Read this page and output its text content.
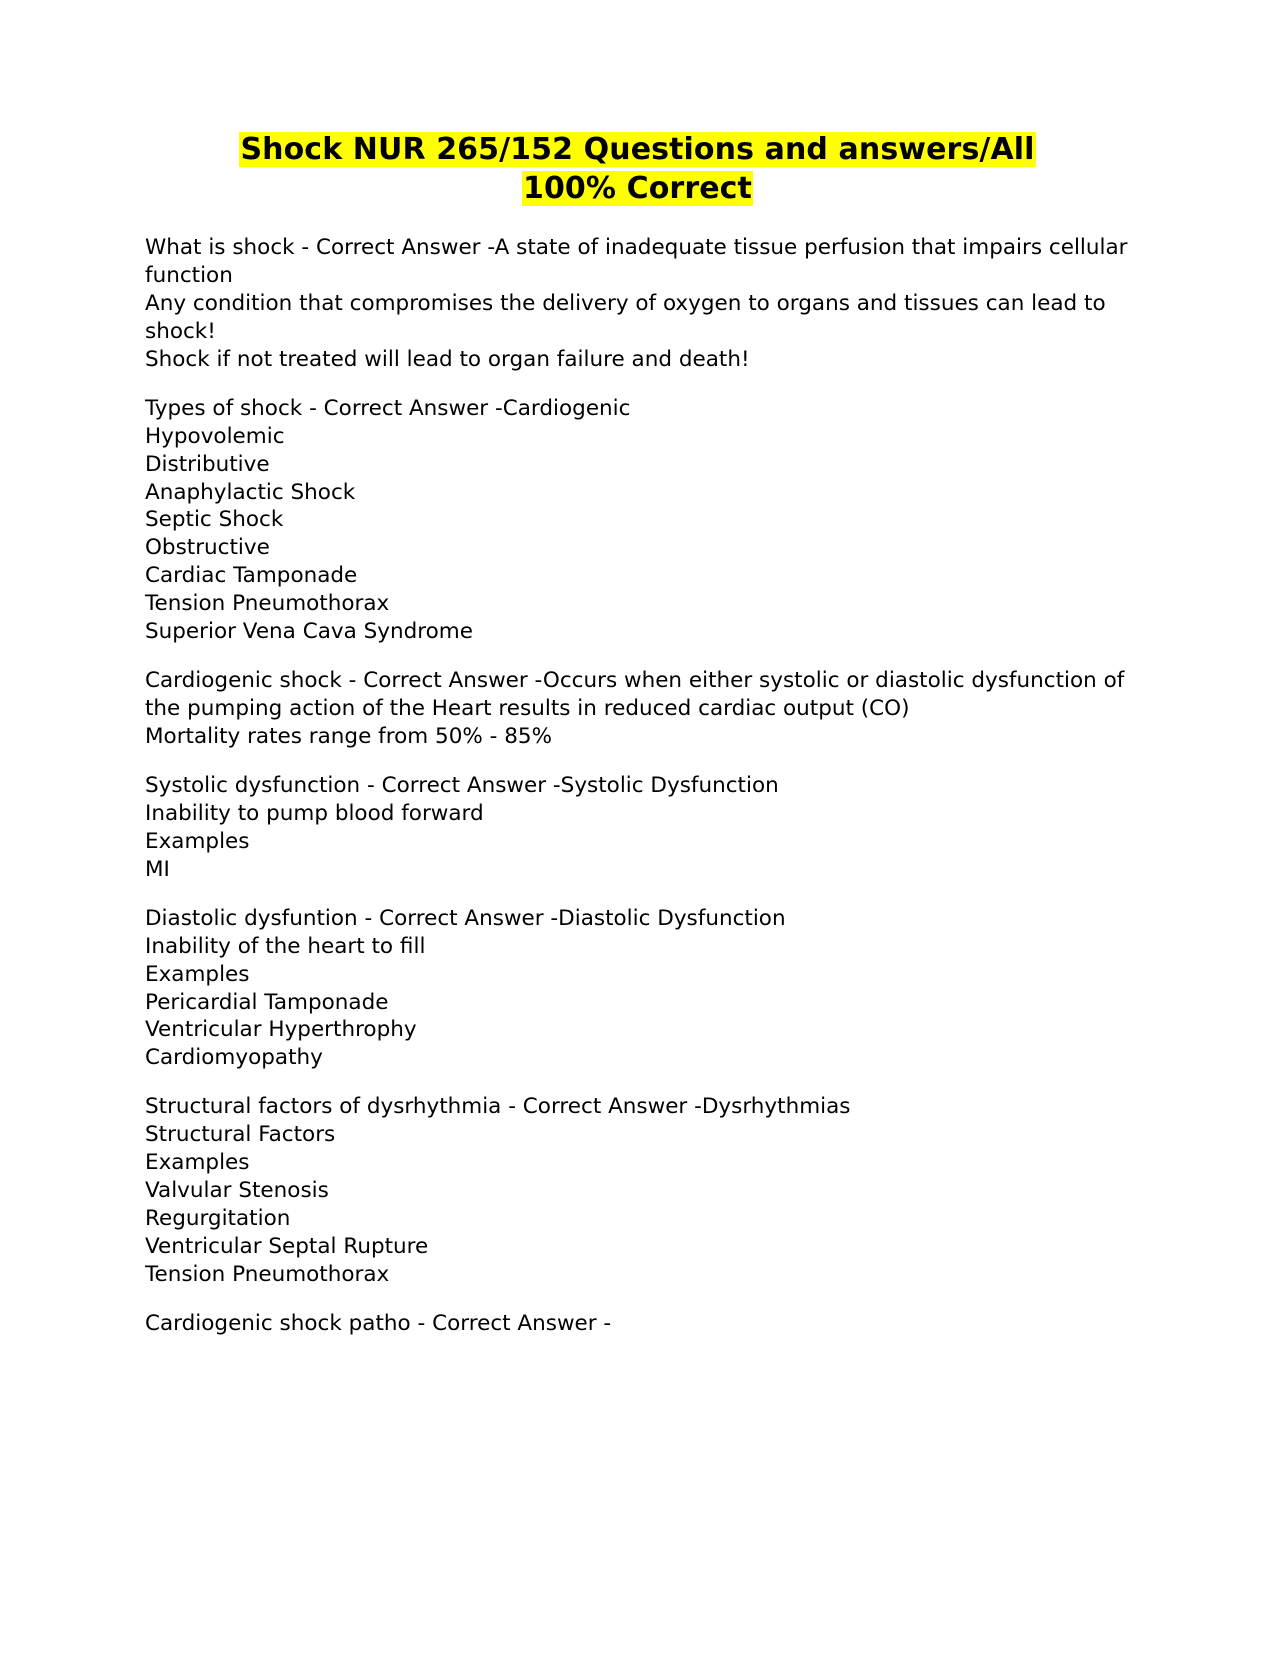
Shock NUR 265/152 Questions and answers/All
100% Correct

What is shock - Correct Answer -A state of inadequate tissue perfusion that impairs cellular function
Any condition that compromises the delivery of oxygen to organs and tissues can lead to shock!
Shock if not treated will lead to organ failure and death!

Types of shock - Correct Answer -Cardiogenic
Hypovolemic
Distributive
Anaphylactic Shock
Septic Shock
Obstructive
Cardiac Tamponade
Tension Pneumothorax
Superior Vena Cava Syndrome

Cardiogenic shock - Correct Answer -Occurs when either systolic or diastolic dysfunction of the pumping action of the Heart results in reduced cardiac output (CO)
Mortality rates range from 50% - 85%

Systolic dysfunction - Correct Answer -Systolic Dysfunction
Inability to pump blood forward
Examples
MI

Diastolic dysfuntion - Correct Answer -Diastolic Dysfunction
Inability of the heart to fill
Examples
Pericardial Tamponade
Ventricular Hyperthrophy
Cardiomyopathy

Structural factors of dysrhythmia - Correct Answer -Dysrhythmias
Structural Factors
Examples
Valvular Stenosis
Regurgitation
Ventricular Septal Rupture
Tension Pneumothorax

Cardiogenic shock patho - Correct Answer -
